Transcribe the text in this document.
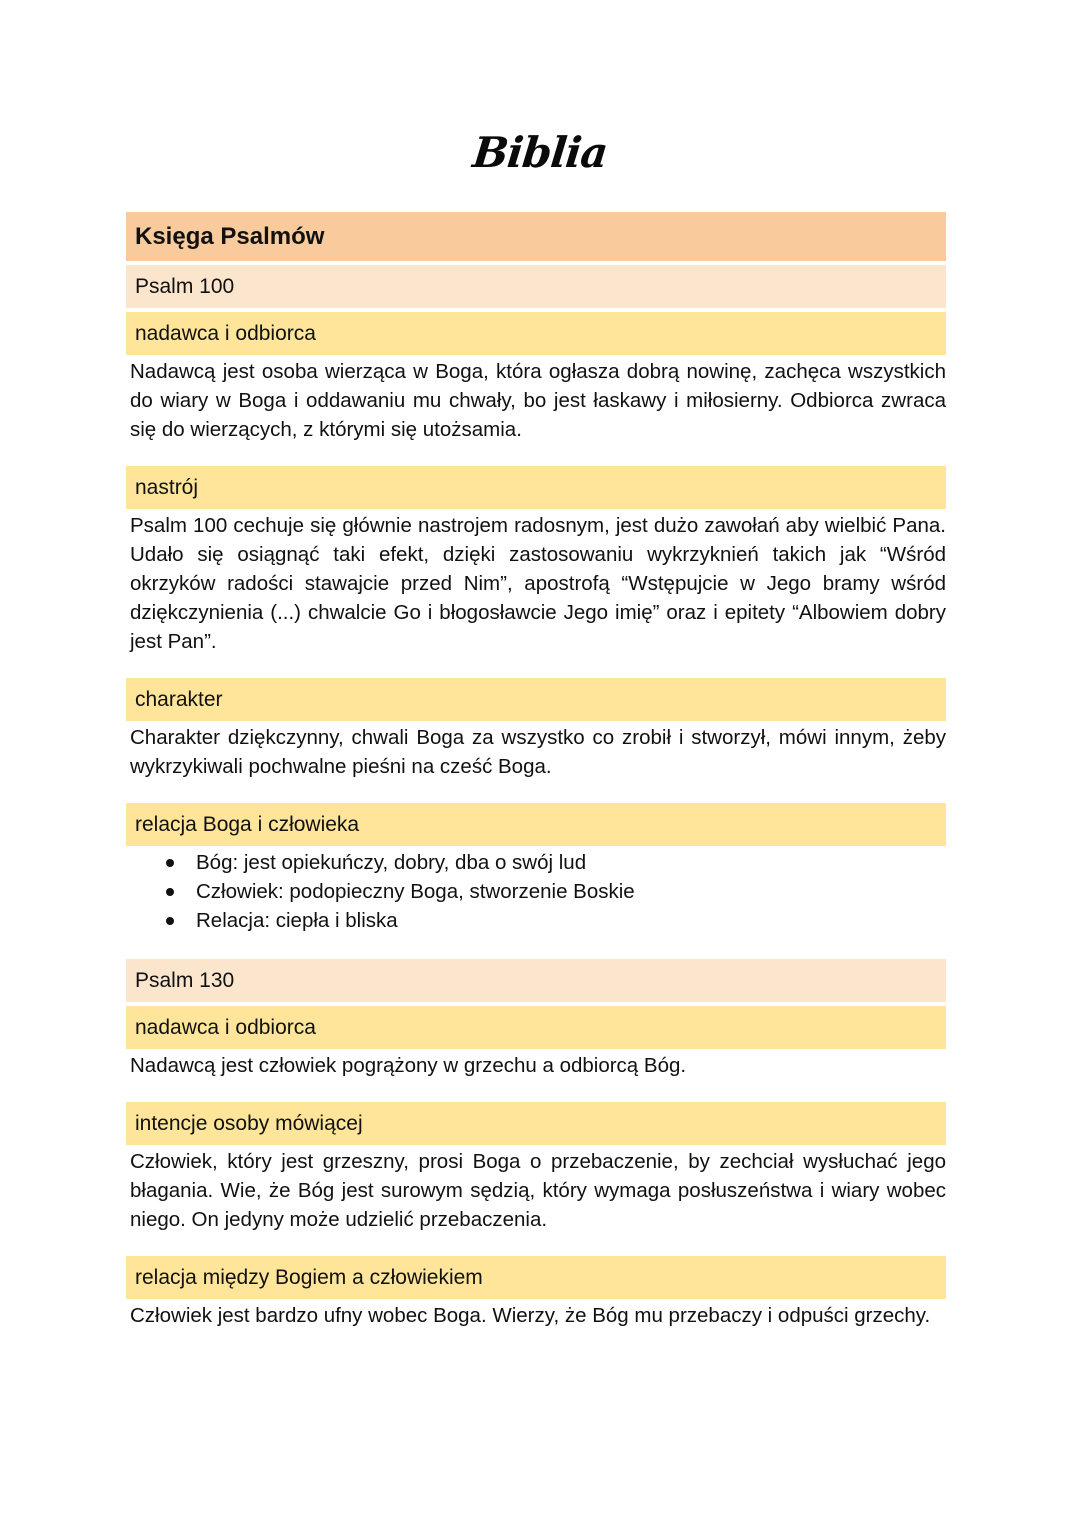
Biblia
Księga Psalmów
Psalm 100
nadawca i odbiorca

Nadawcą jest osoba wierząca w Boga, która ogłasza dobrą nowinę, zachęca wszystkich do wiary w Boga i oddawaniu mu chwały, bo jest łaskawy i miłosierny. Odbiorca zwraca się do wierzących, z którymi się utożsamia.

nastrój

Psalm 100 cechuje się głównie nastrojem radosnym, jest dużo zawołań aby wielbić Pana. Udało się osiągnąć taki efekt, dzięki zastosowaniu wykrzyknień takich jak “Wśród okrzyków radości stawajcie przed Nim”, apostrofą “Wstępujcie w Jego bramy wśród dziękczynienia (...) chwalcie Go i błogosławcie Jego imię” oraz i epitety “Albowiem dobry jest Pan”.

charakter

Charakter dziękczynny, chwali Boga za wszystko co zrobił i stworzył, mówi innym, żeby wykrzykiwali pochwalne pieśni na cześć Boga.

relacja Boga i człowieka
Bóg: jest opiekuńczy, dobry, dba o swój lud
Człowiek: podopieczny Boga, stworzenie Boskie
Relacja: ciepła i bliska
Psalm 130
nadawca i odbiorca

Nadawcą jest człowiek pogrążony w grzechu a odbiorcą Bóg.

intencje osoby mówiącej

Człowiek, który jest grzeszny, prosi Boga o przebaczenie, by zechciał wysłuchać jego błagania. Wie, że Bóg jest surowym sędzią, który wymaga posłuszeństwa i wiary wobec niego. On jedyny może udzielić przebaczenia.

relacja między Bogiem a człowiekiem

Człowiek jest bardzo ufny wobec Boga. Wierzy, że Bóg mu przebaczy i odpuści grzechy.
